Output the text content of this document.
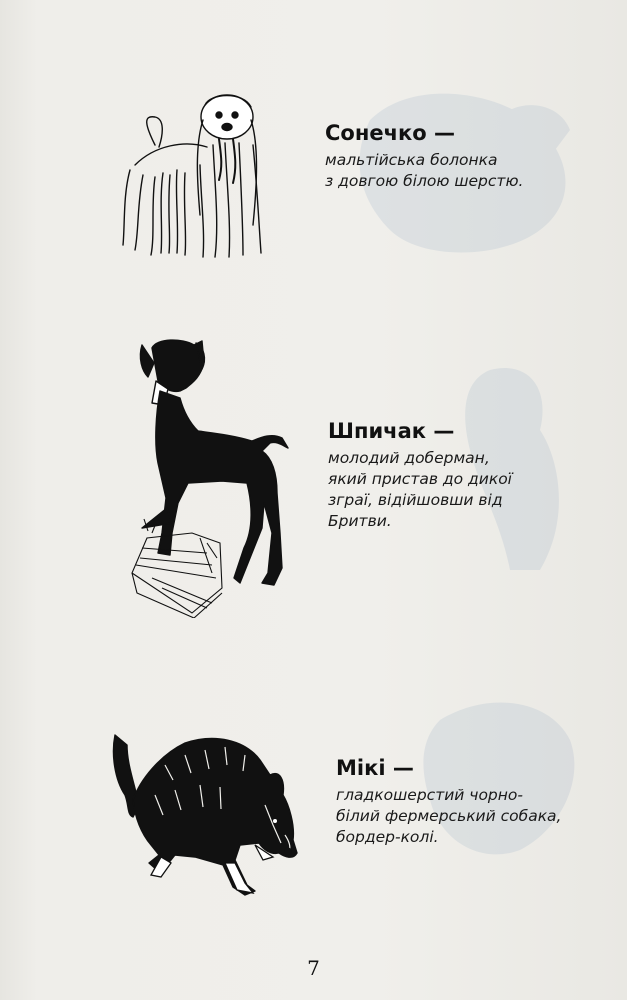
Сонечко —
мальтійська болонка
з довгою білою шерстю.
Шпичак —
молодий доберман,
який пристав до дикої
зграї, відійшовши від
Бритви.
Мікі —
гладкошерстий чорно-
білий фермерський собака,
бордер-колі.
7
